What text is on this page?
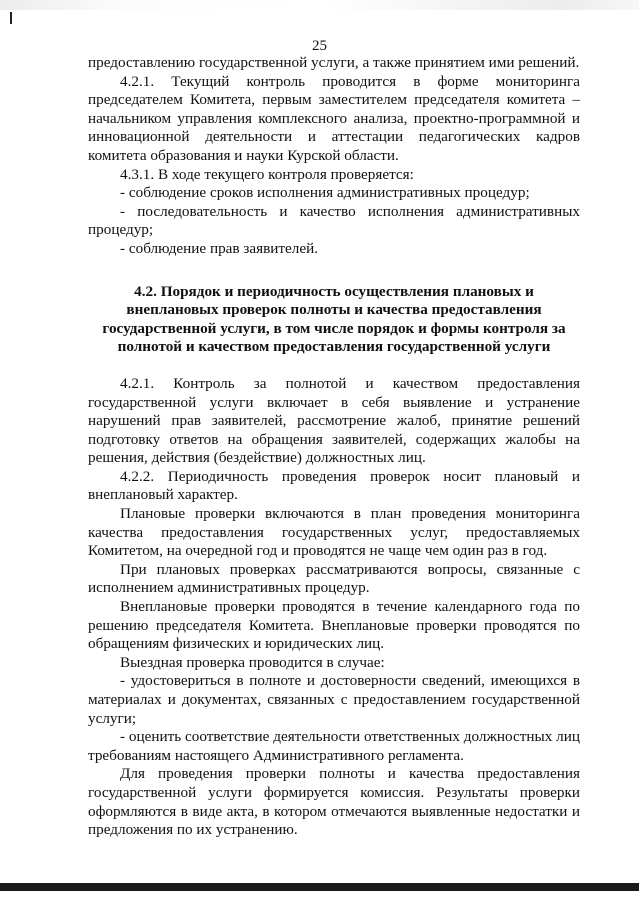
25

предоставлению государственной услуги, а также принятием ими решений.

4.2.1. Текущий контроль проводится в форме мониторинга председателем Комитета, первым заместителем председателя комитета – начальником управления комплексного анализа, проектно-программной и инновационной деятельности и аттестации педагогических кадров комитета образования и науки Курской области.

4.3.1. В ходе текущего контроля проверяется:

- соблюдение сроков исполнения административных процедур;

- последовательность и качество исполнения административных процедур;

- соблюдение прав заявителей.

4.2. Порядок и периодичность осуществления плановых и внеплановых проверок полноты и качества предоставления государственной услуги, в том числе порядок и формы контроля за полнотой и качеством предоставления государственной услуги

4.2.1. Контроль за полнотой и качеством предоставления государственной услуги включает в себя выявление и устранение нарушений прав заявителей, рассмотрение жалоб, принятие решений подготовку ответов на обращения заявителей, содержащих жалобы на решения, действия (бездействие) должностных лиц.

4.2.2. Периодичность проведения проверок носит плановый и внеплановый характер.

Плановые проверки включаются в план проведения мониторинга качества предоставления государственных услуг, предоставляемых Комитетом, на очередной год и проводятся не чаще чем один раз в год.

При плановых проверках рассматриваются вопросы, связанные с исполнением административных процедур.

Внеплановые проверки проводятся в течение календарного года по решению председателя Комитета. Внеплановые проверки проводятся по обращениям физических и юридических лиц.

Выездная проверка проводится в случае:

- удостовериться в полноте и достоверности сведений, имеющихся в материалах и документах, связанных с предоставлением государственной услуги;

- оценить соответствие деятельности ответственных должностных лиц требованиям настоящего Административного регламента.

Для проведения проверки полноты и качества предоставления государственной услуги формируется комиссия. Результаты проверки оформляются в виде акта, в котором отмечаются выявленные недостатки и предложения по их устранению.
